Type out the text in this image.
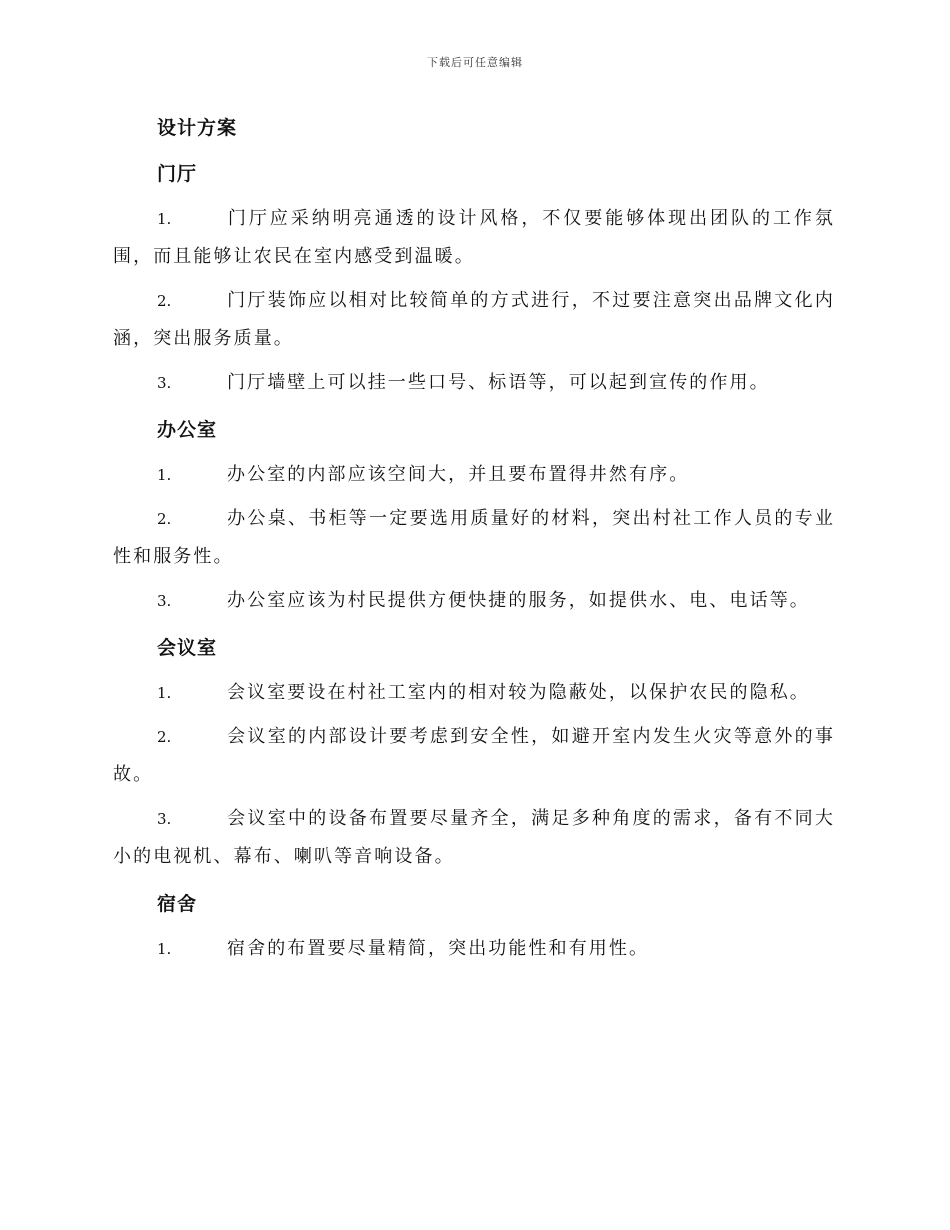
下载后可任意编辑
设计方案
门厅
1.	门厅应采纳明亮通透的设计风格，不仅要能够体现出团队的工作氛围，而且能够让农民在室内感受到温暖。
2.	门厅装饰应以相对比较简单的方式进行，不过要注意突出品牌文化内涵，突出服务质量。
3.	门厅墙壁上可以挂一些口号、标语等，可以起到宣传的作用。
办公室
1.	办公室的内部应该空间大，并且要布置得井然有序。
2.	办公桌、书柜等一定要选用质量好的材料，突出村社工作人员的专业性和服务性。
3.	办公室应该为村民提供方便快捷的服务，如提供水、电、电话等。
会议室
1.	会议室要设在村社工室内的相对较为隐蔽处，以保护农民的隐私。
2.	会议室的内部设计要考虑到安全性，如避开室内发生火灾等意外的事故。
3.	会议室中的设备布置要尽量齐全，满足多种角度的需求，备有不同大小的电视机、幕布、喇叭等音响设备。
宿舍
1.	宿舍的布置要尽量精简，突出功能性和有用性。
